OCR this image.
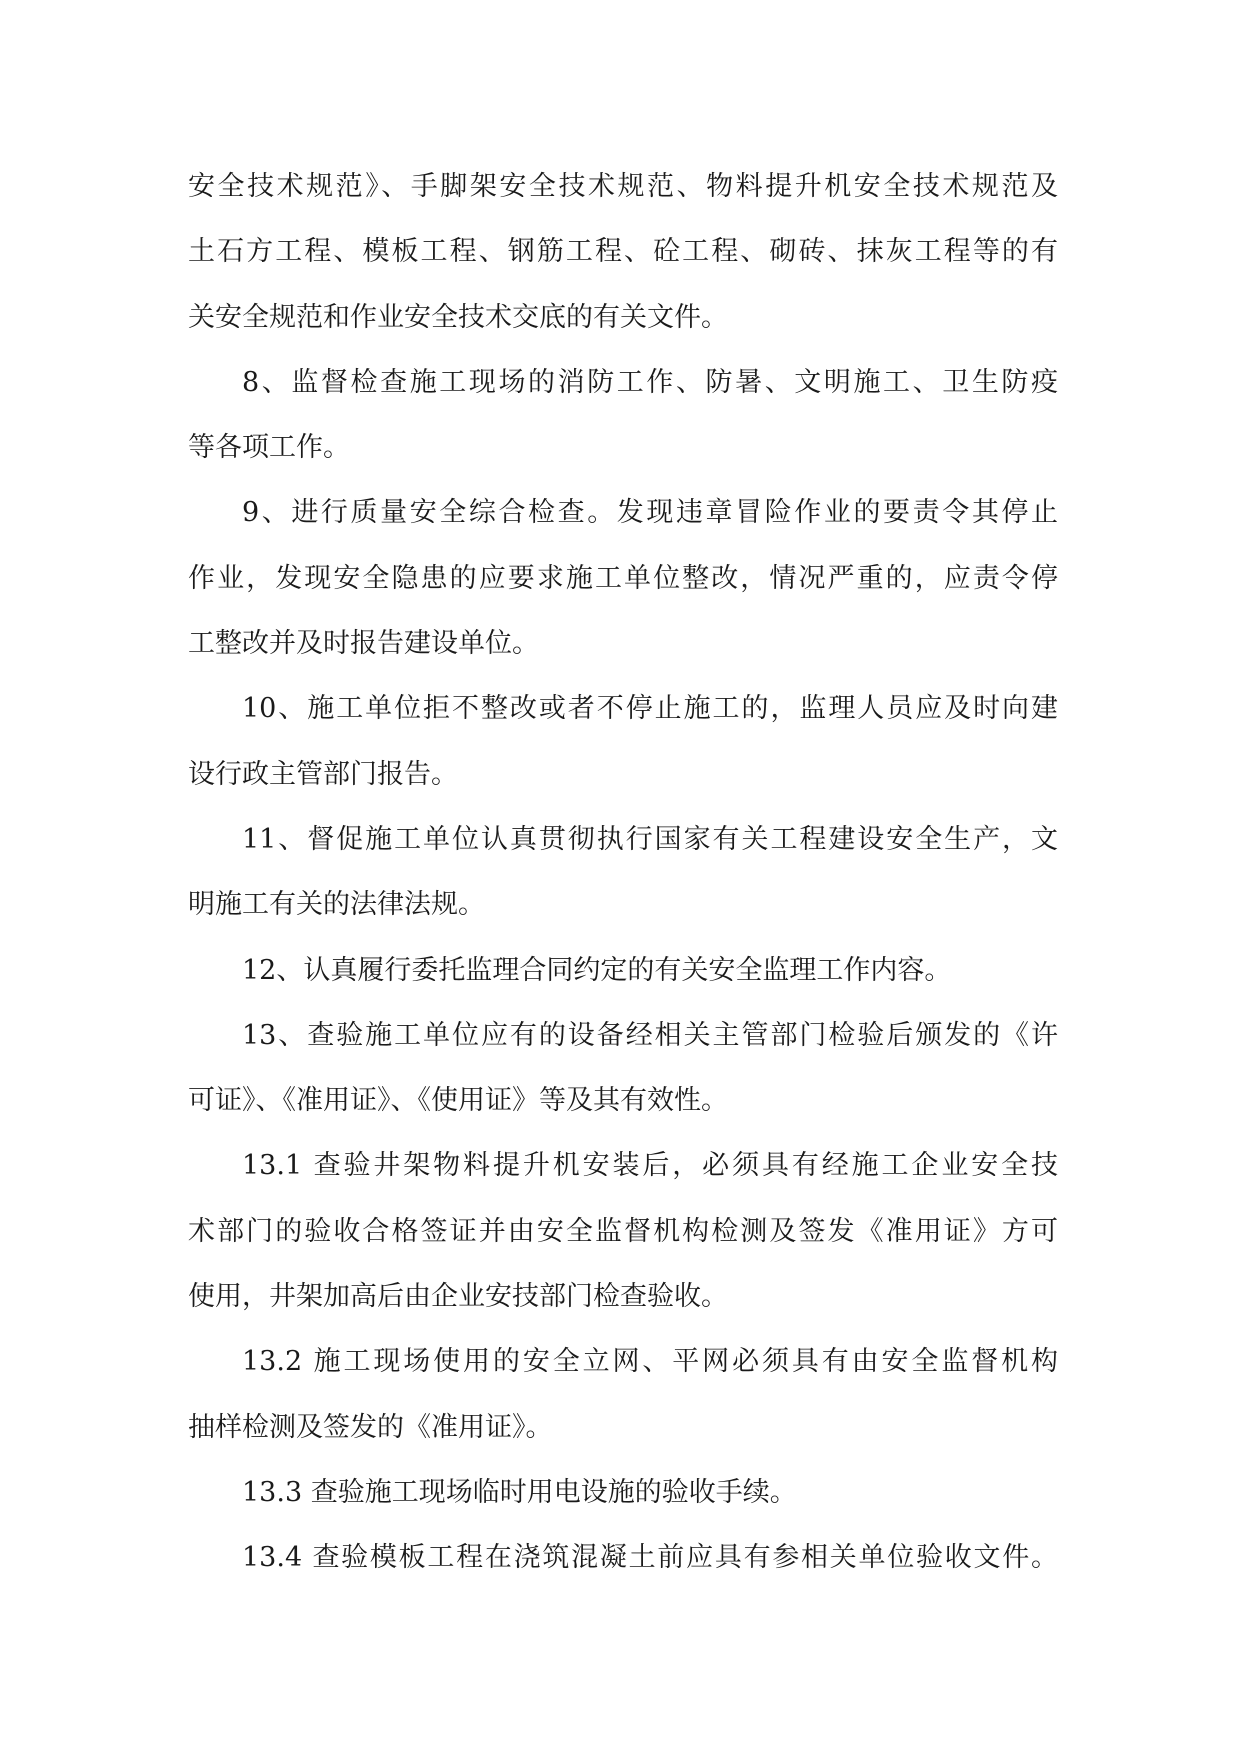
安全技术规范》、手脚架安全技术规范、物料提升机安全技术规范及
土石方工程、模板工程、钢筋工程、砼工程、砌砖、抹灰工程等的有
关安全规范和作业安全技术交底的有关文件。
8、监督检查施工现场的消防工作、防暑、文明施工、卫生防疫
等各项工作。
9、进行质量安全综合检查。发现违章冒险作业的要责令其停止
作业，发现安全隐患的应要求施工单位整改，情况严重的，应责令停
工整改并及时报告建设单位。
10、施工单位拒不整改或者不停止施工的，监理人员应及时向建
设行政主管部门报告。
11、督促施工单位认真贯彻执行国家有关工程建设安全生产，文
明施工有关的法律法规。
12、认真履行委托监理合同约定的有关安全监理工作内容。
13、查验施工单位应有的设备经相关主管部门检验后颁发的《许
可证》、《准用证》、《使用证》等及其有效性。
13.1 查验井架物料提升机安装后，必须具有经施工企业安全技
术部门的验收合格签证并由安全监督机构检测及签发《准用证》方可
使用，井架加高后由企业安技部门检查验收。
13.2 施工现场使用的安全立网、平网必须具有由安全监督机构
抽样检测及签发的《准用证》。
13.3 查验施工现场临时用电设施的验收手续。
13.4 查验模板工程在浇筑混凝土前应具有参相关单位验收文件。
